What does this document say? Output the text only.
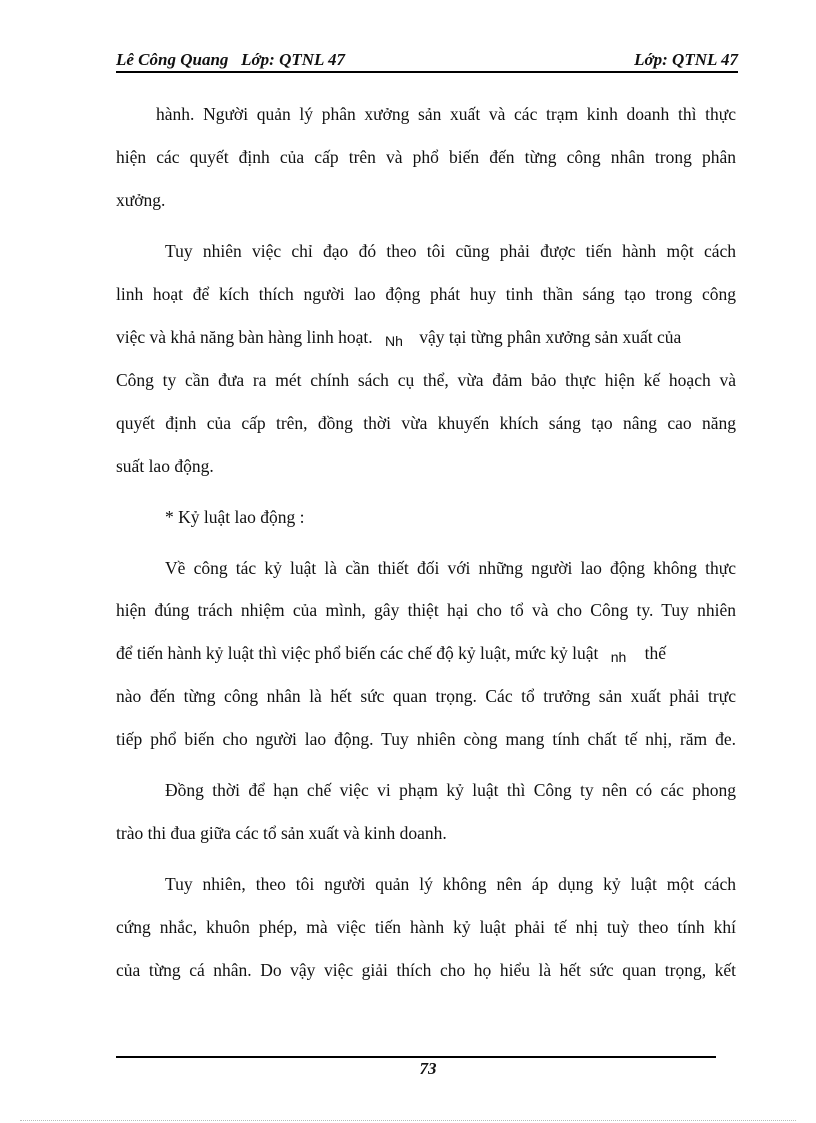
Lê Công Quang   Lớp: QTNL 47	Lớp: QTNL 47
hành. Người quản lý phân xưởng sản xuất và các trạm kinh doanh thì thực
hiện các quyết định của cấp trên và phổ biến đến từng công nhân trong phân
xưởng.
Tuy nhiên việc chỉ đạo đó theo tôi cũng phải được tiến hành một cách
linh hoạt để kích thích người lao động phát huy tinh thần sáng tạo trong công
việc và khả năng bàn hàng linh hoạt. Nh vậy tại từng phân xưởng sản xuất của
Công ty cần đưa ra mét chính sách cụ thể, vừa đảm bảo thực hiện kế hoạch và
quyết định của cấp trên, đồng thời vừa khuyến khích sáng tạo nâng cao năng
suất lao động.
* Kỷ luật lao động :
Về công tác kỷ luật là cần thiết đối với những người lao động không thực
hiện đúng trách nhiệm của mình, gây thiệt hại cho tổ và cho Công ty. Tuy nhiên
để tiến hành kỷ luật thì việc phổ biến các chế độ kỷ luật, mức kỷ luật nh thế
nào đến từng công nhân là hết sức quan trọng. Các tổ trưởng sản xuất phải trực
tiếp phổ biến cho người lao động. Tuy nhiên còng mang tính chất tế nhị, răm đe.
Đồng thời để hạn chế việc vi phạm kỷ luật thì Công ty nên có các phong
trào thi đua giữa các tổ sản xuất và kinh doanh.
Tuy nhiên, theo tôi người quản lý không nên áp dụng kỷ luật một cách
cứng nhắc, khuôn phép, mà việc tiến hành kỷ luật phải tế nhị tuỳ theo tính khí
của từng cá nhân. Do vậy việc giải thích cho họ hiểu là hết sức quan trọng, kết
73
